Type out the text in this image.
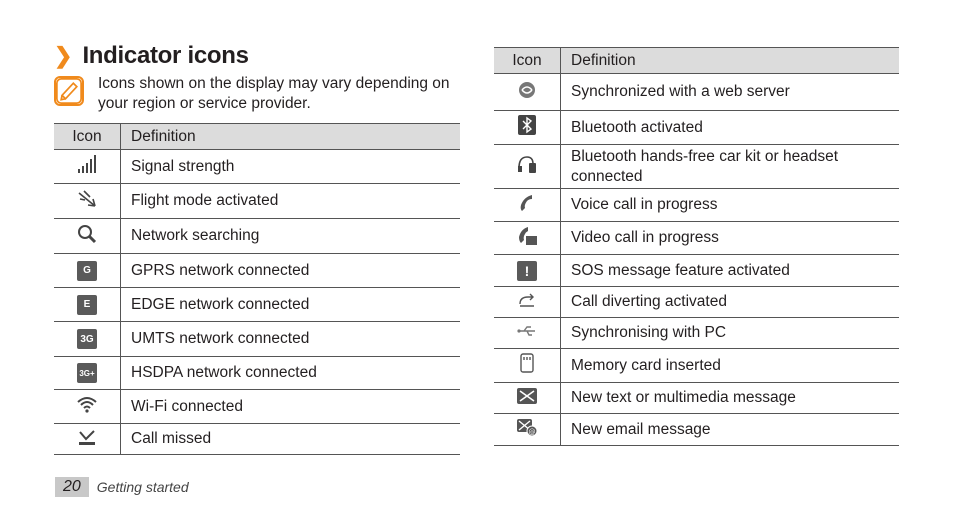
❯ Indicator icons

Icons shown on the display may vary depending on your region or service provider.

Icon	Definition
	Signal strength
	Flight mode activated
	Network searching
G	GPRS network connected
E	EDGE network connected
3G	UMTS network connected
3G+	HSDPA network connected
	Wi-Fi connected
	Call missed
Icon	Definition
	Synchronized with a web server
	Bluetooth activated
	Bluetooth hands-free car kit or headset connected
	Voice call in progress
	Video call in progress
!	SOS message feature activated
	Call diverting activated
	Synchronising with PC
	Memory card inserted
	New text or multimedia message

@	New email message
20	Getting started
